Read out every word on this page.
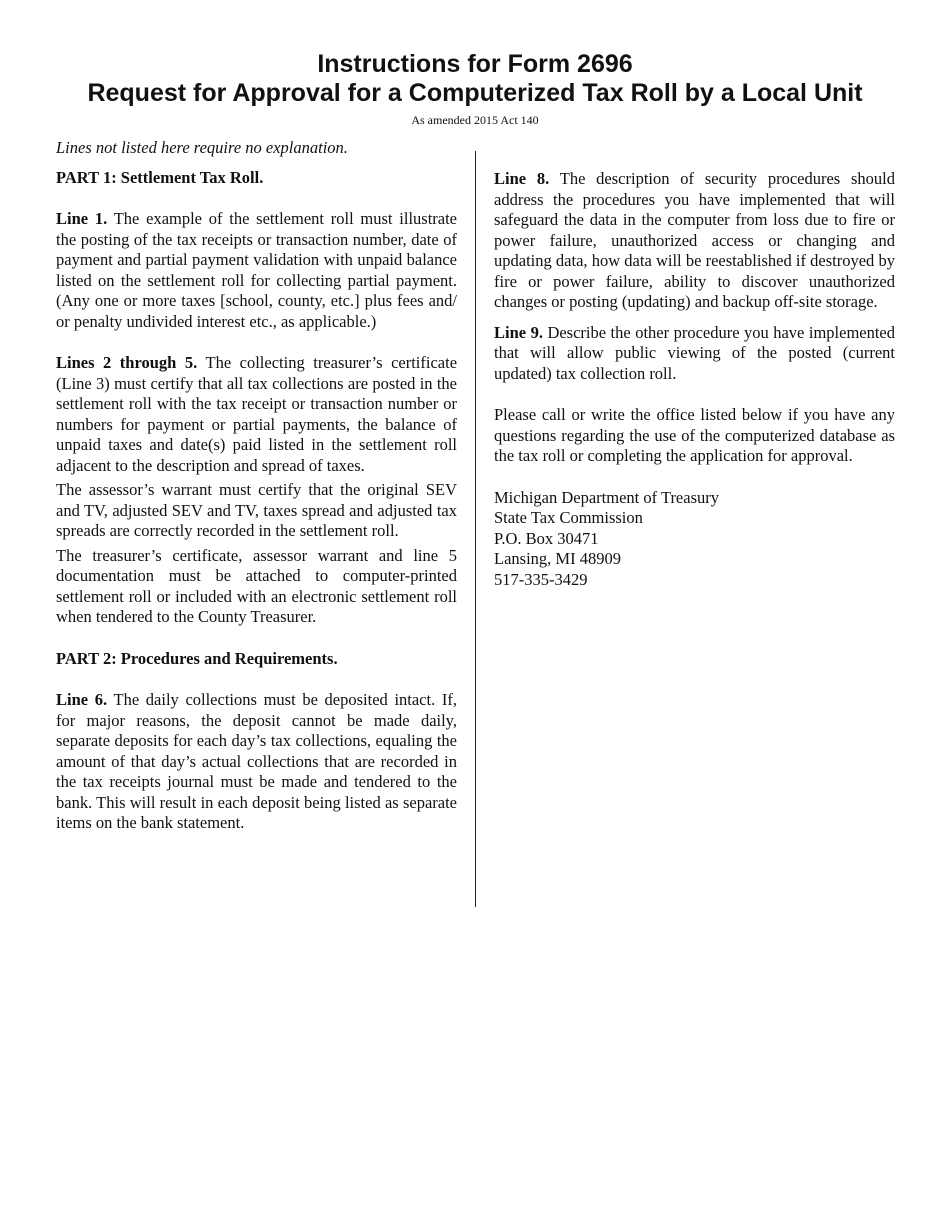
Instructions for Form 2696
Request for Approval for a Computerized Tax Roll by a Local Unit
As amended 2015 Act 140

Lines not listed here require no explanation.

PART 1: Settlement Tax Roll.

Line 1. The example of the settlement roll must illustrate the posting of the tax receipts or transaction number, date of payment and partial payment validation with unpaid balance listed on the settlement roll for collecting partial payment. (Any one or more taxes [school, county, etc.] plus fees and/ or penalty undivided interest etc., as applicable.)

Lines 2 through 5. The collecting treasurer’s certificate (Line 3) must certify that all tax collections are posted in the settlement roll with the tax receipt or transaction number or numbers for payment or partial payments, the balance of unpaid taxes and date(s) paid listed in the settlement roll adjacent to the description and spread of taxes.

The assessor’s warrant must certify that the original SEV and TV, adjusted SEV and TV, taxes spread and adjusted tax spreads are correctly recorded in the settlement roll.

The treasurer’s certificate, assessor warrant and line 5 documentation must be attached to computer-printed settlement roll or included with an electronic settlement roll when tendered to the County Treasurer.

PART 2: Procedures and Requirements.

Line 6. The daily collections must be deposited intact. If, for major reasons, the deposit cannot be made daily, separate deposits for each day’s tax collections, equaling the amount of that day’s actual collections that are recorded in the tax receipts journal must be made and tendered to the bank. This will result in each deposit being listed as separate items on the bank statement.

Line 8. The description of security procedures should address the procedures you have implemented that will safeguard the data in the computer from loss due to fire or power failure, unauthorized access or changing and updating data, how data will be reestablished if destroyed by fire or power failure, ability to discover unauthorized changes or posting (updating) and backup off-site storage.

Line 9. Describe the other procedure you have implemented that will allow public viewing of the posted (current updated) tax collection roll.

Please call or write the office listed below if you have any questions regarding the use of the computerized database as the tax roll or completing the application for approval.

Michigan Department of Treasury

State Tax Commission

P.O. Box 30471

Lansing, MI 48909

517-335-3429
